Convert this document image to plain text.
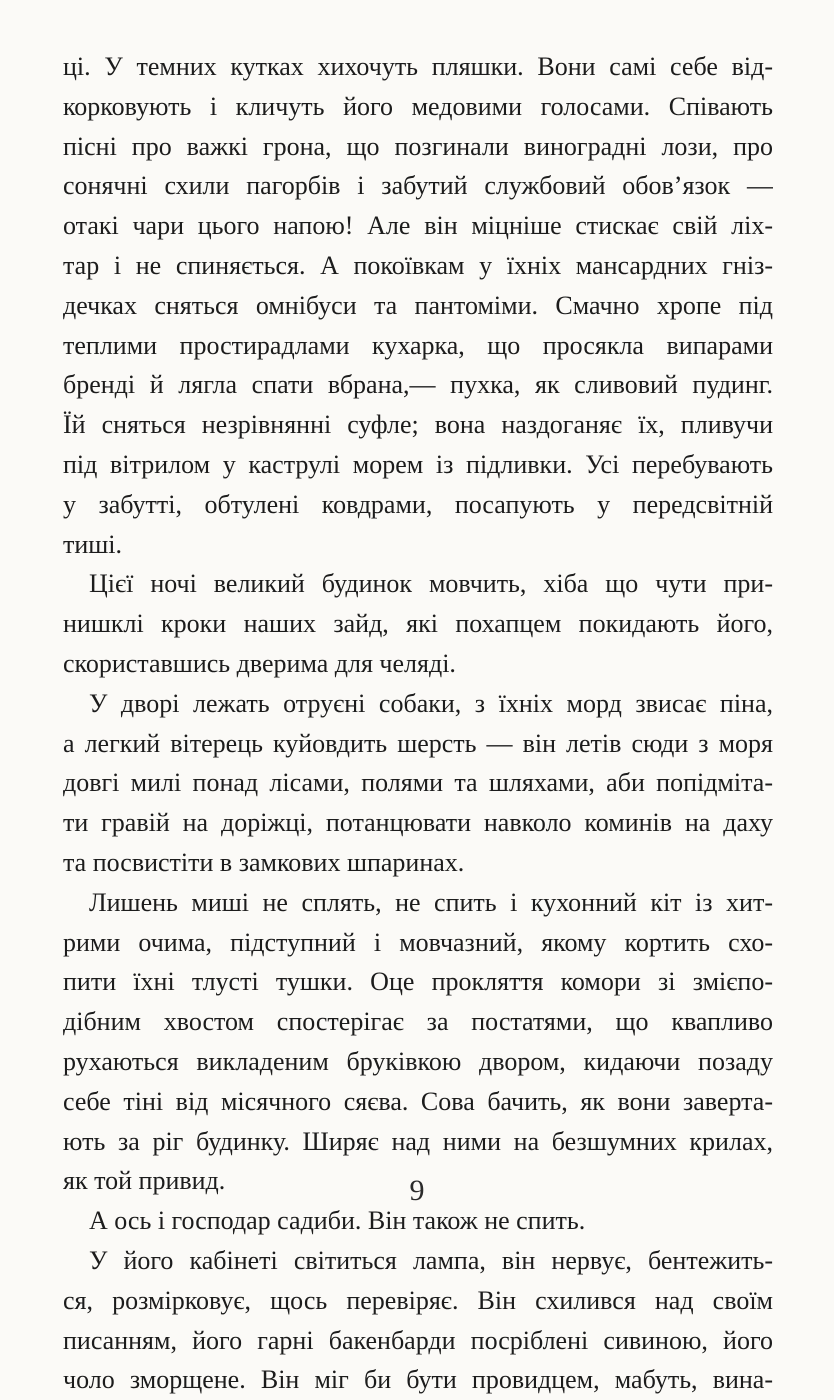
ці. У темних кутках хихочуть пляшки. Вони самі себе від-
корковують і кличуть його медовими голосами. Співають
пісні про важкі грона, що позгинали виноградні лози, про
сонячні схили пагорбів і забутий службовий обов’язок —
отакі чари цього напою! Але він міцніше стискає свій ліх-
тар і не спиняється. А покоївкам у їхніх мансардних гніз-
дечках сняться омнібуси та пантоміми. Смачно хропе під
теплими простирадлами кухарка, що просякла випарами
бренді й лягла спати вбрана,— пухка, як сливовий пудинг.
Їй сняться незрівнянні суфле; вона наздоганяє їх, пливучи
під вітрилом у каструлі морем із підливки. Усі перебувають
у забутті, обтулені ковдрами, посапують у передсвітній
тиші.
Цієї ночі великий будинок мовчить, хіба що чути при-
нишклі кроки наших зайд, які похапцем покидають його,
скориставшись дверима для челяді.
У дворі лежать отруєні собаки, з їхніх морд звисає піна,
а легкий вітерець куйовдить шерсть — він летів сюди з моря
довгі милі понад лісами, полями та шляхами, аби попідміта-
ти гравій на доріжці, потанцювати навколо коминів на даху
та посвистіти в замкових шпаринах.
Лишень миші не сплять, не спить і кухонний кіт із хит-
рими очима, підступний і мовчазний, якому кортить схо-
пити їхні тлусті тушки. Оце прокляття комори зі змієпо-
дібним хвостом спостерігає за постатями, що квапливо
рухаються викладеним бруківкою двором, кидаючи позаду
себе тіні від місячного сяєва. Сова бачить, як вони заверта-
ють за ріг будинку. Ширяє над ними на безшумних крилах,
як той привид.
А ось і господар садиби. Він також не спить.
У його кабінеті світиться лампа, він нервує, бентежить-
ся, розмірковує, щось перевіряє. Він схилився над своїм
писанням, його гарні бакенбарди посріблені сивиною, його
чоло зморщене. Він міг би бути провидцем, мабуть, вина-
9
